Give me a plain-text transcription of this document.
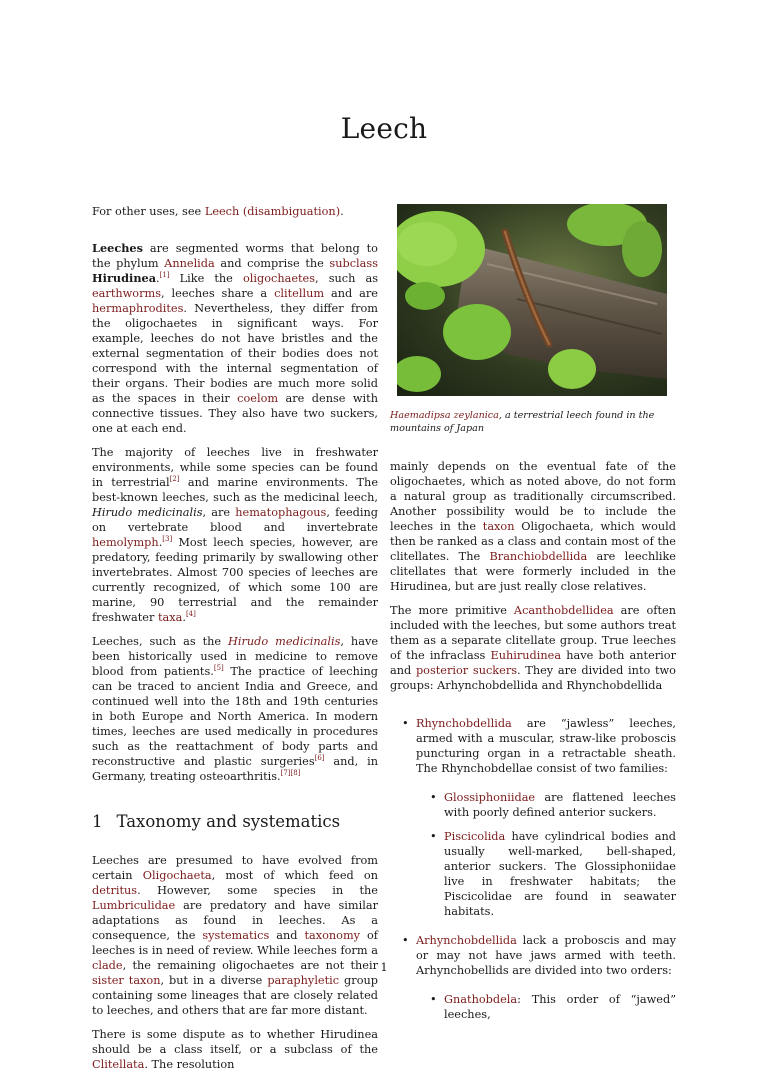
Leech
Haemadipsa zeylanica, a terrestrial leech found in the mountains of Japan

For other uses, see Leech (disambiguation).

Leeches are segmented worms that belong to the phylum Annelida and comprise the subclass Hirudinea.[1] Like the oligochaetes, such as earthworms, leeches share a clitellum and are hermaphrodites. Nevertheless, they differ from the oligochaetes in significant ways. For example, leeches do not have bristles and the external segmentation of their bodies does not correspond with the internal segmentation of their organs. Their bodies are much more solid as the spaces in their coelom are dense with connective tissues. They also have two suckers, one at each end.

The majority of leeches live in freshwater environments, while some species can be found in terrestrial[2] and marine environments. The best-known leeches, such as the medicinal leech, Hirudo medicinalis, are hematophagous, feeding on vertebrate blood and invertebrate hemolymph.[3] Most leech species, however, are predatory, feeding primarily by swallowing other invertebrates. Almost 700 species of leeches are currently recognized, of which some 100 are marine, 90 terrestrial and the remainder freshwater taxa.[4]

Leeches, such as the Hirudo medicinalis, have been historically used in medicine to remove blood from patients.[5] The practice of leeching can be traced to ancient India and Greece, and continued well into the 18th and 19th centuries in both Europe and North America. In modern times, leeches are used medically in procedures such as the reattachment of body parts and reconstructive and plastic surgeries[6] and, in Germany, treating osteoarthritis.[7][8]

1 Taxonomy and systematics

Leeches are presumed to have evolved from certain Oligochaeta, most of which feed on detritus. However, some species in the Lumbriculidae are predatory and have similar adaptations as found in leeches. As a consequence, the systematics and taxonomy of leeches is in need of review. While leeches form a clade, the remaining oligochaetes are not their sister taxon, but in a diverse paraphyletic group containing some lineages that are closely related to leeches, and others that are far more distant.

There is some dispute as to whether Hirudinea should be a class itself, or a subclass of the Clitellata. The resolution

mainly depends on the eventual fate of the oligochaetes, which as noted above, do not form a natural group as traditionally circumscribed. Another possibility would be to include the leeches in the taxon Oligochaeta, which would then be ranked as a class and contain most of the clitellates. The Branchiobdellida are leechlike clitellates that were formerly included in the Hirudinea, but are just really close relatives.

The more primitive Acanthobdellidea are often included with the leeches, but some authors treat them as a separate clitellate group. True leeches of the infraclass Euhirudinea have both anterior and posterior suckers. They are divided into two groups: Arhynchobdellida and Rhynchobdellida

• Rhynchobdellida are “jawless” leeches, armed with a muscular, straw-like proboscis puncturing organ in a retractable sheath. The Rhynchobdellae consist of two families:
• Glossiphoniidae are flattened leeches with poorly defined anterior suckers.
• Piscicolida have cylindrical bodies and usually well-marked, bell-shaped, anterior suckers. The Glossiphoniidae live in freshwater habitats; the Piscicolidae are found in seawater habitats.
• Arhynchobdellida lack a proboscis and may or may not have jaws armed with teeth. Arhynchobellids are divided into two orders:
• Gnathobdela: This order of “jawed” leeches,
1
